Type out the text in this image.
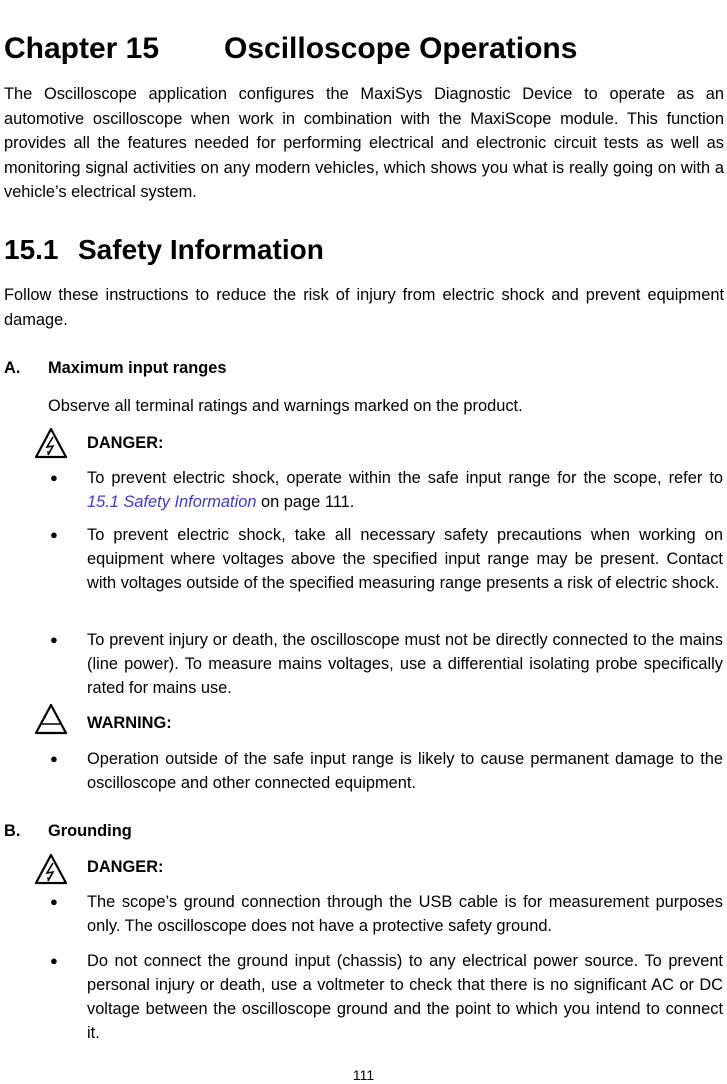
Chapter 15 Oscilloscope Operations
The Oscilloscope application configures the MaxiSys Diagnostic Device to operate as an automotive oscilloscope when work in combination with the MaxiScope module. This function provides all the features needed for performing electrical and electronic circuit tests as well as monitoring signal activities on any modern vehicles, which shows you what is really going on with a vehicle’s electrical system.
15.1 Safety Information
Follow these instructions to reduce the risk of injury from electric shock and prevent equipment damage.
A. Maximum input ranges
Observe all terminal ratings and warnings marked on the product.
DANGER:
● To prevent electric shock, operate within the safe input range for the scope, refer to 15.1 Safety Information on page 111.
● To prevent electric shock, take all necessary safety precautions when working on equipment where voltages above the specified input range may be present. Contact with voltages outside of the specified measuring range presents a risk of electric shock.
● To prevent injury or death, the oscilloscope must not be directly connected to the mains (line power). To measure mains voltages, use a differential isolating probe specifically rated for mains use.
WARNING:
● Operation outside of the safe input range is likely to cause permanent damage to the oscilloscope and other connected equipment.
B. Grounding
DANGER:
● The scope’s ground connection through the USB cable is for measurement purposes only. The oscilloscope does not have a protective safety ground.
● Do not connect the ground input (chassis) to any electrical power source. To prevent personal injury or death, use a voltmeter to check that there is no significant AC or DC voltage between the oscilloscope ground and the point to which you intend to connect it.
111
